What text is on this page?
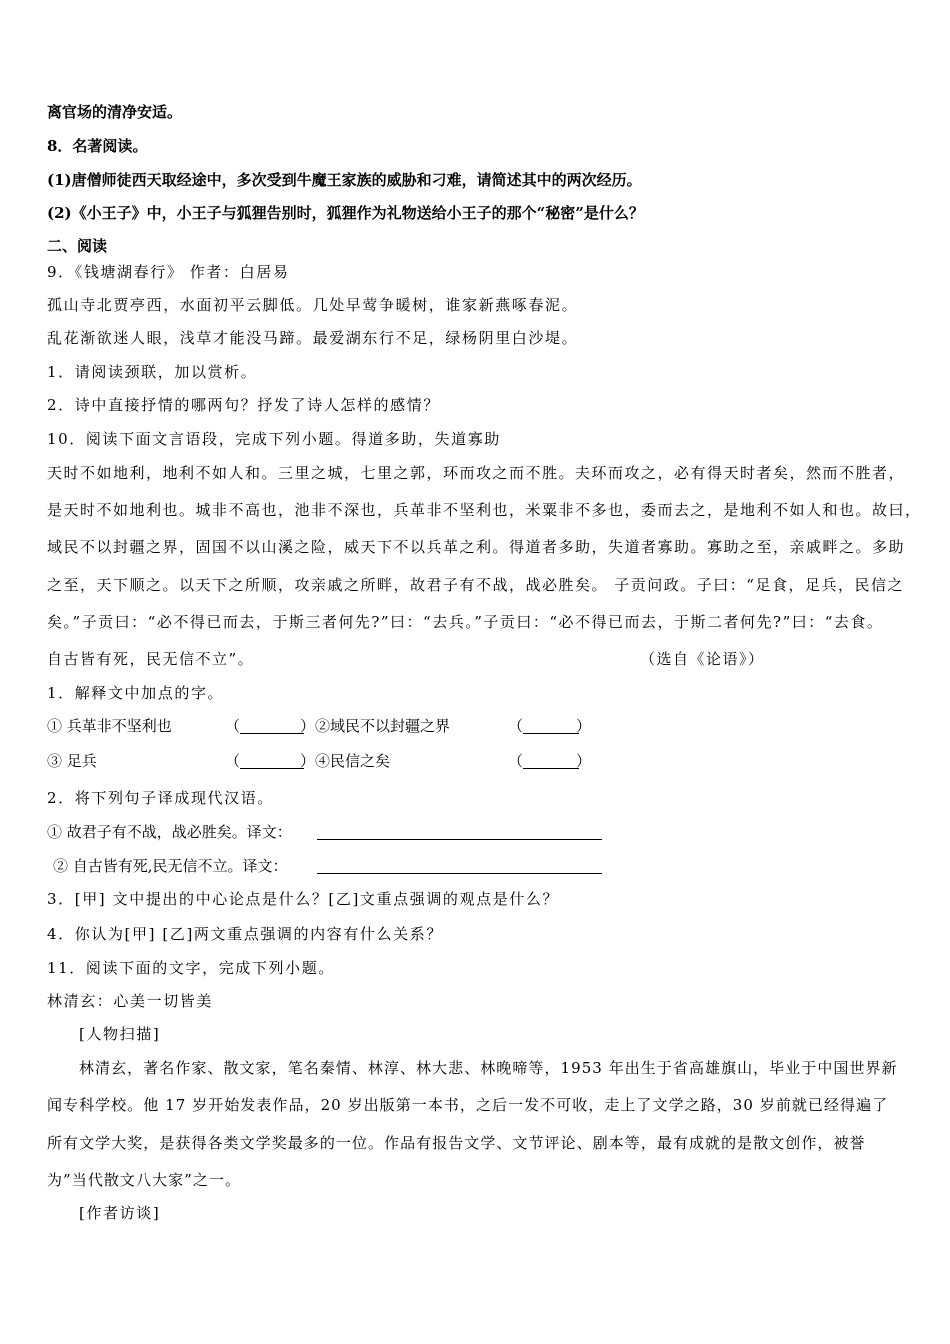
离官场的清净安适。
8．名著阅读。
(1)唐僧师徒西天取经途中，多次受到牛魔王家族的威胁和刁难，请简述其中的两次经历。
(2)《小王子》中，小王子与狐狸告别时，狐狸作为礼物送给小王子的那个“秘密”是什么？
二、阅读
9．《钱塘湖春行》 作者：白居易
孤山寺北贾亭西，水面初平云脚低。几处早莺争暖树，谁家新燕啄春泥。
乱花渐欲迷人眼，浅草才能没马蹄。最爱湖东行不足，绿杨阴里白沙堤。
1．请阅读颈联，加以赏析。
2．诗中直接抒情的哪两句？抒发了诗人怎样的感情？
10．阅读下面文言语段，完成下列小题。得道多助，失道寡助
天时不如地利，地利不如人和。三里之城，七里之郭，环而攻之而不胜。夫环而攻之，必有得天时者矣，然而不胜者，
是天时不如地利也。城非不高也，池非不深也，兵革非不坚利也，米粟非不多也，委而去之，是地利不如人和也。故曰，
域民不以封疆之界，固国不以山溪之险，威天下不以兵革之利。得道者多助，失道者寡助。寡助之至，亲戚畔之。多助
之至，天下顺之。以天下之所顺，攻亲戚之所畔，故君子有不战，战必胜矣。 子贡问政。子曰：“足食，足兵，民信之
矣。”子贡曰：“必不得已而去，于斯三者何先?”曰：“去兵。”子贡曰：“必不得已而去，于斯二者何先?”曰：“去食。
自古皆有死，民无信不立”。	（选自《论语》）
1．解释文中加点的字。
① 兵革非不坚利也	（	） ②域民不以封疆之界	（	）
③ 足兵	（	） ④民信之矣	（	）
2．将下列句子译成现代汉语。
① 故君子有不战，战必胜矣。译文：
② 自古皆有死,民无信不立。译文：
3．[甲] 文中提出的中心论点是什么？[乙]文重点强调的观点是什么？
4．你认为[甲] [乙]两文重点强调的内容有什么关系？
11．阅读下面的文字，完成下列小题。
林清玄：心美一切皆美
[人物扫描]
林清玄，著名作家、散文家，笔名秦情、林淳、林大悲、林晚啼等，1953 年出生于省高雄旗山，毕业于中国世界新
闻专科学校。他 17 岁开始发表作品，20 岁出版第一本书，之后一发不可收，走上了文学之路，30 岁前就已经得遍了
所有文学大奖，是获得各类文学奖最多的一位。作品有报告文学、文节评论、剧本等，最有成就的是散文创作，被誉
为”当代散文八大家”之一。
[作者访谈]
